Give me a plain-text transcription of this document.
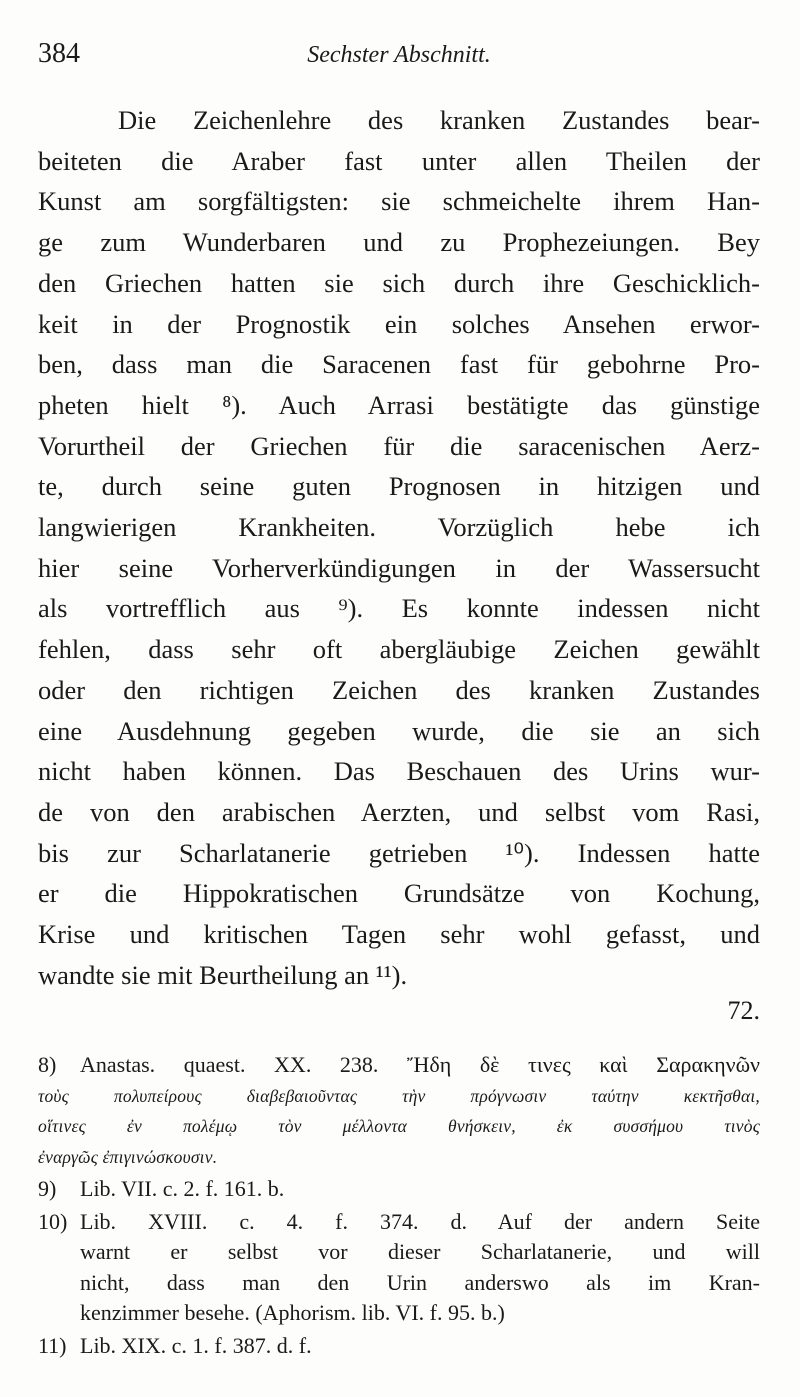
384	Sechster Abschnitt.
Die Zeichenlehre des kranken Zustandes bear-
beiteten die Araber fast unter allen Theilen der
Kunst am sorgfältigsten: sie schmeichelte ihrem Han-
ge zum Wunderbaren und zu Prophezeiungen. Bey
den Griechen hatten sie sich durch ihre Geschicklich-
keit in der Prognostik ein solches Ansehen erwor-
ben, dass man die Saracenen fast für gebohrne Pro-
pheten hielt ⁸). Auch Arrasi bestätigte das günstige
Vorurtheil der Griechen für die saracenischen Aerz-
te, durch seine guten Prognosen in hitzigen und
langwierigen Krankheiten. Vorzüglich hebe ich
hier seine Vorherverkündigungen in der Wassersucht
als vortrefflich aus ⁹). Es konnte indessen nicht
fehlen, dass sehr oft abergläubige Zeichen gewählt
oder den richtigen Zeichen des kranken Zustandes
eine Ausdehnung gegeben wurde, die sie an sich
nicht haben können. Das Beschauen des Urins wur-
de von den arabischen Aerzten, und selbst vom Rasi,
bis zur Scharlatanerie getrieben ¹⁰). Indessen hatte
er die Hippokratischen Grundsätze von Kochung,
Krise und kritischen Tagen sehr wohl gefasst, und
wandte sie mit Beurtheilung an ¹¹).
72.
8) Anastas. quaest. XX. 238. Ἤδη δὲ τινες καὶ Σαρακηνῶν
τοὺς πολυπείρους διαβεβαιοῦντας τὴν πρόγνωσιν ταύτην κεκτῆσθαι,
οἵτινες ἐν πολέμῳ τὸν μέλλοντα θνήσκειν, ἐκ συσσήμου τινὸς
ἐναργῶς ἐπιγινώσκουσιν.
9) Lib. VII. c. 2. f. 161. b.
10) Lib. XVIII. c. 4. f. 374. d. Auf der andern Seite
warnt er selbst vor dieser Scharlatanerie, und will
nicht, dass man den Urin anderswo als im Kran-
kenzimmer besehe. (Aphorism. lib. VI. f. 95. b.)
11) Lib. XIX. c. 1. f. 387. d. f.
